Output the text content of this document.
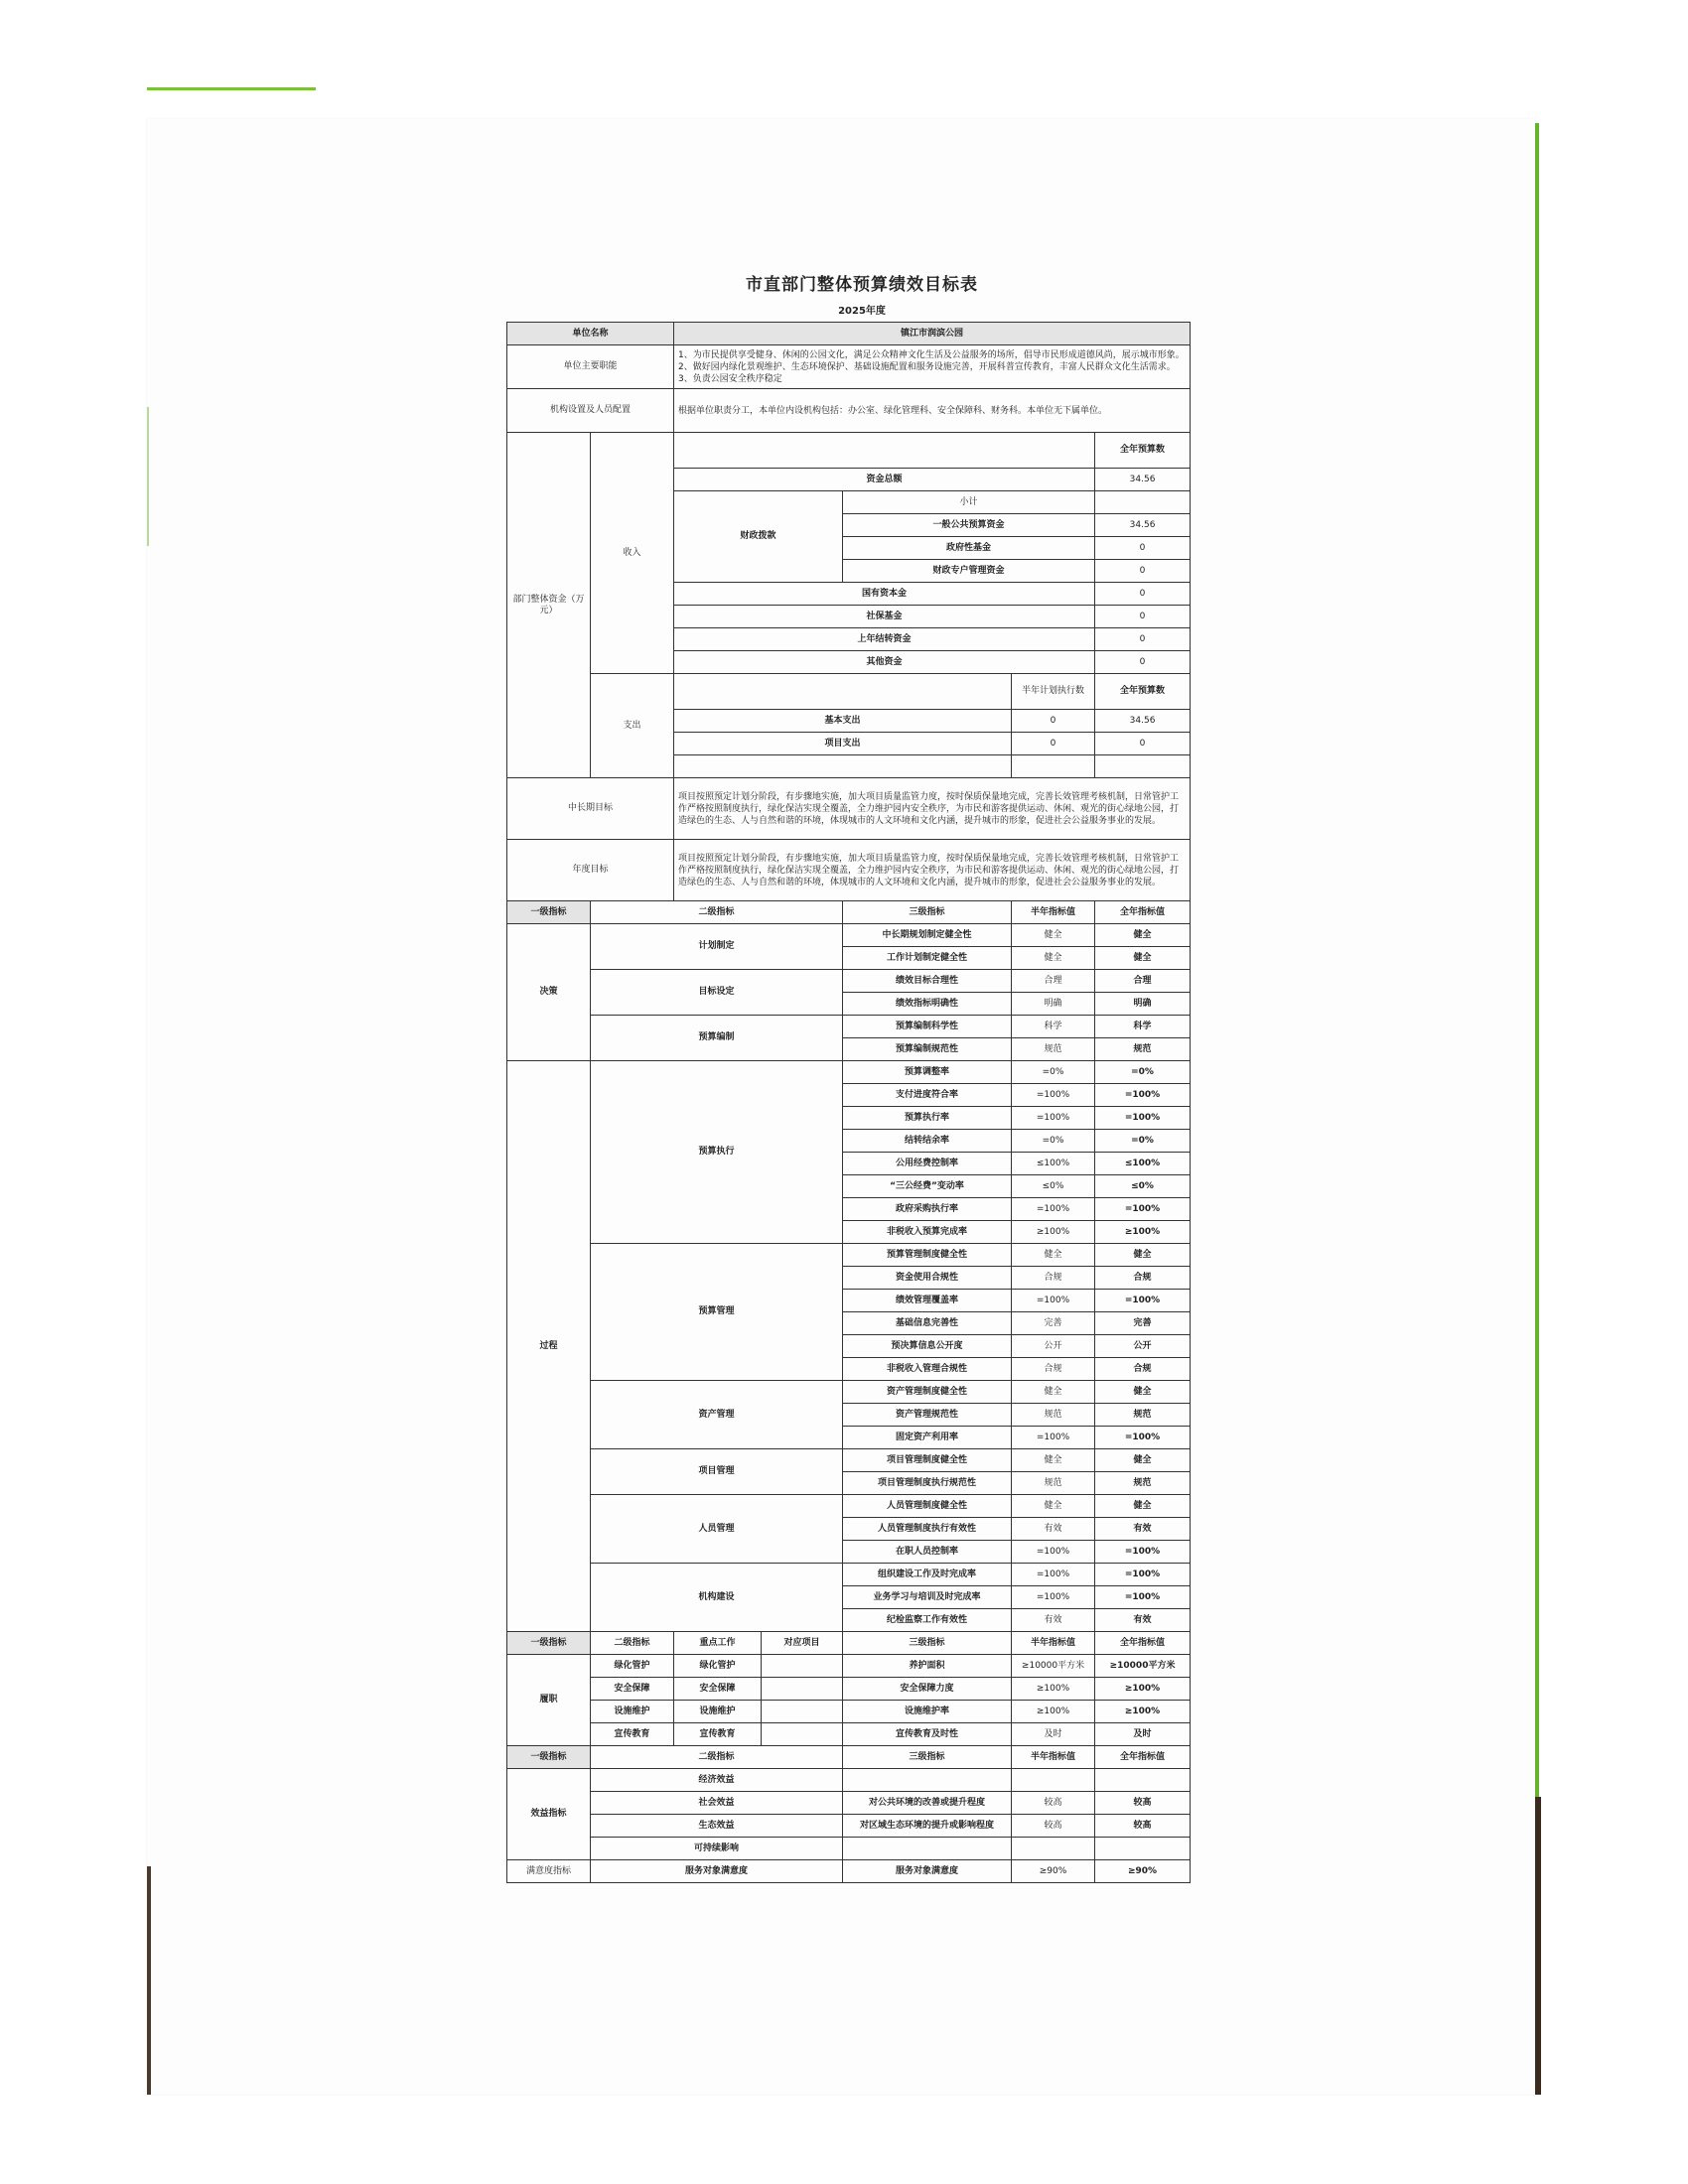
市直部门整体预算绩效目标表
2025年度
单位名称		镇江市润滨公园				
单位主要职能		1、为市民提供享受健身、休闲的公园文化，满足公众精神文化生活及公益服务的场所，倡导市民形成道德风尚，展示城市形象。2、做好园内绿化景观维护、生态环境保护、基础设施配置和服务设施完善，开展科普宣传教育，丰富人民群众文化生活需求。3、负责公园安全秩序稳定				
机构设置及人员配置		根据单位职责分工，本单位内设机构包括：办公室、绿化管理科、安全保障科、财务科。本单位无下属单位。				
部门整体资金（万元）	收入					全年预算数
		资金总额				34.56
		财政拨款		小计		
				一般公共预算资金		34.56
				政府性基金		0
				财政专户管理资金		0
		国有资本金				0
		社保基金				0
		上年结转资金				0
		其他资金				0
	支出				半年计划执行数	全年预算数
		基本支出			0	34.56
		项目支出			0	0

中长期目标		项目按照预定计划分阶段，有步骤地实施，加大项目质量监管力度，按时保质保量地完成，完善长效管理考核机制，日常管护工作严格按照制度执行，绿化保洁实现全覆盖，全力维护园内安全秩序，为市民和游客提供运动、休闲、观光的街心绿地公园，打造绿色的生态、人与自然和谐的环境，体现城市的人文环境和文化内涵，提升城市的形象，促进社会公益服务事业的发展。				
年度目标		项目按照预定计划分阶段，有步骤地实施，加大项目质量监管力度，按时保质保量地完成，完善长效管理考核机制，日常管护工作严格按照制度执行，绿化保洁实现全覆盖，全力维护园内安全秩序，为市民和游客提供运动、休闲、观光的街心绿地公园，打造绿色的生态、人与自然和谐的环境，体现城市的人文环境和文化内涵，提升城市的形象，促进社会公益服务事业的发展。				
一级指标	二级指标			三级指标	半年指标值	全年指标值
决策	计划制定			中长期规划制定健全性	健全	健全
				工作计划制定健全性	健全	健全
	目标设定			绩效目标合理性	合理	合理
				绩效指标明确性	明确	明确
	预算编制			预算编制科学性	科学	科学
				预算编制规范性	规范	规范
过程	预算执行			预算调整率	=0%	=0%
				支付进度符合率	=100%	=100%
				预算执行率	=100%	=100%
				结转结余率	=0%	=0%
				公用经费控制率	≤100%	≤100%
				“三公经费”变动率	≤0%	≤0%
				政府采购执行率	=100%	=100%
				非税收入预算完成率	≥100%	≥100%
	预算管理			预算管理制度健全性	健全	健全
				资金使用合规性	合规	合规
				绩效管理覆盖率	=100%	=100%
				基础信息完善性	完善	完善
				预决算信息公开度	公开	公开
				非税收入管理合规性	合规	合规
	资产管理			资产管理制度健全性	健全	健全
				资产管理规范性	规范	规范
				固定资产利用率	=100%	=100%
	项目管理			项目管理制度健全性	健全	健全
				项目管理制度执行规范性	规范	规范
	人员管理			人员管理制度健全性	健全	健全
				人员管理制度执行有效性	有效	有效
				在职人员控制率	=100%	=100%
	机构建设			组织建设工作及时完成率	=100%	=100%
				业务学习与培训及时完成率	=100%	=100%
				纪检监察工作有效性	有效	有效
一级指标	二级指标	重点工作	对应项目	三级指标	半年指标值	全年指标值
履职	绿化管护	绿化管护		养护面积	≥10000平方米	≥10000平方米
	安全保障	安全保障		安全保障力度	≥100%	≥100%
	设施维护	设施维护		设施维护率	≥100%	≥100%
	宣传教育	宣传教育		宣传教育及时性	及时	及时
一级指标	二级指标			三级指标	半年指标值	全年指标值
效益指标	经济效益					
	社会效益			对公共环境的改善或提升程度	较高	较高
	生态效益			对区域生态环境的提升或影响程度	较高	较高
	可持续影响					
满意度指标	服务对象满意度			服务对象满意度	≥90%	≥90%
